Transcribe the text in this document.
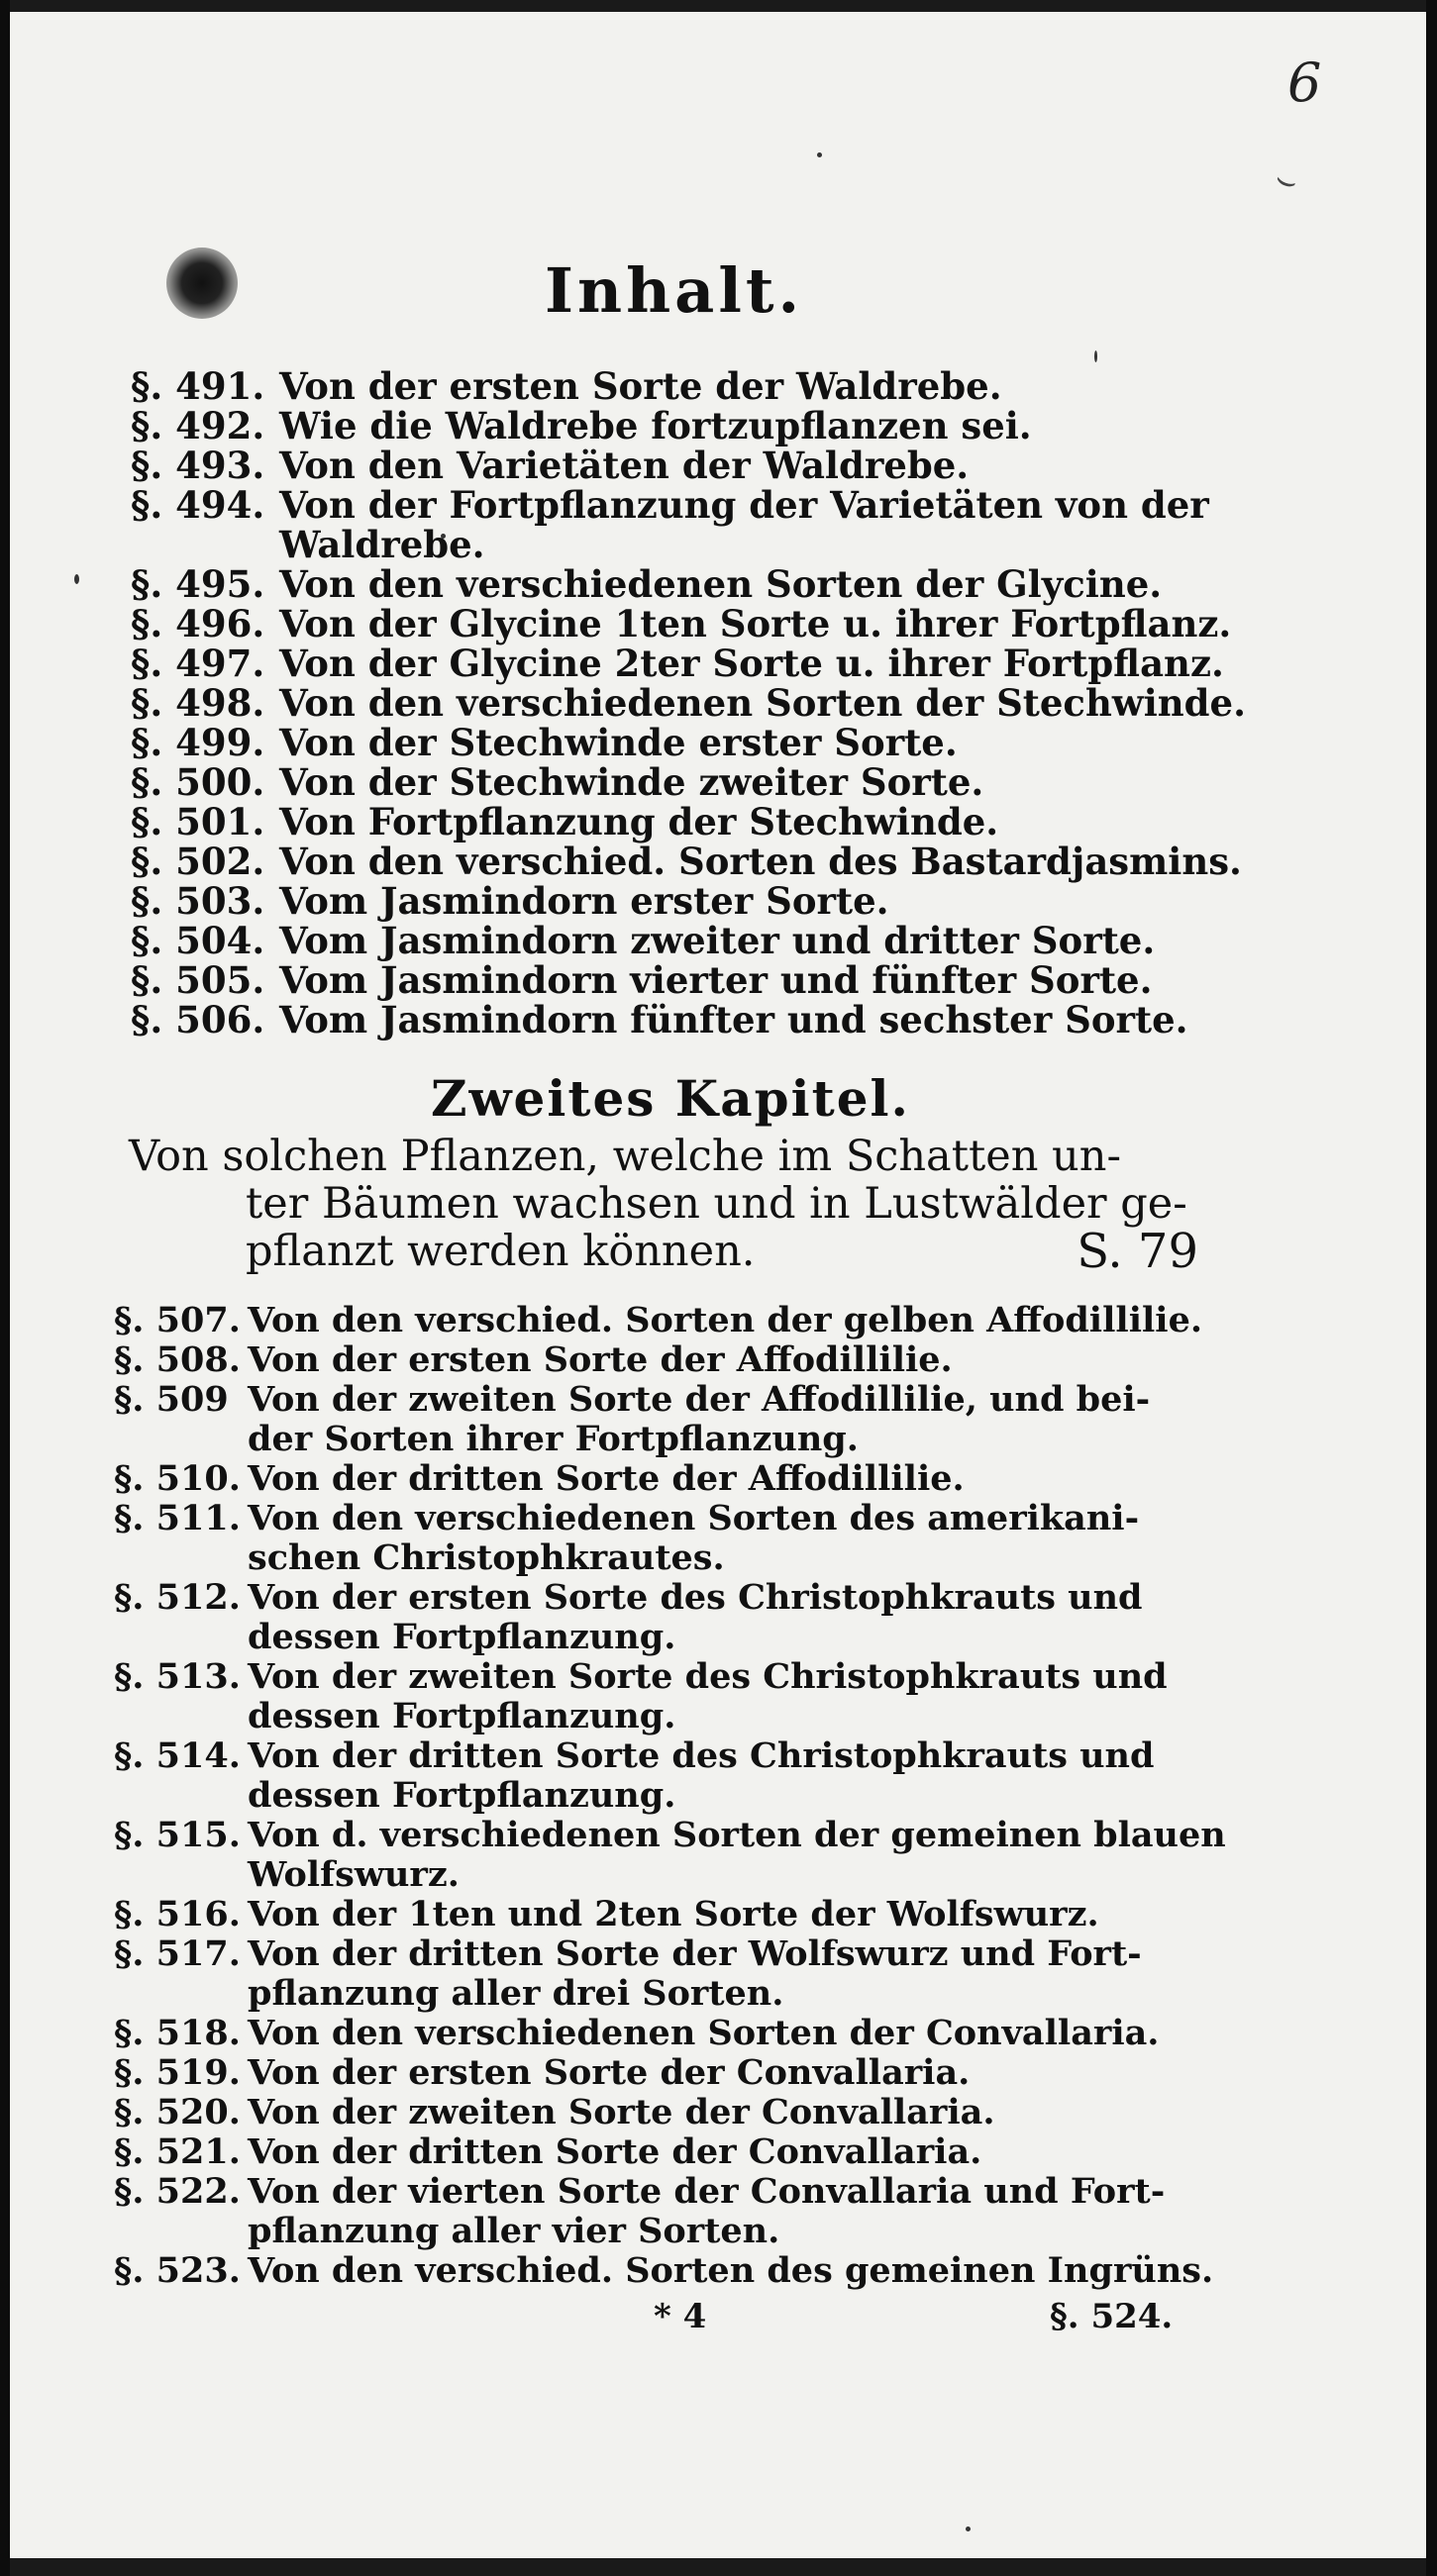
6
⌣
Inhalt.
§. 491. Von der ersten Sorte der Waldrebe.
§. 492. Wie die Waldrebe fortzupflanzen sei.
§. 493. Von den Varietäten der Waldrebe.
§. 494. Von der Fortpflanzung der Varietäten von der
Waldrebe.
§. 495. Von den verschiedenen Sorten der Glycine.
§. 496. Von der Glycine 1ten Sorte u. ihrer Fortpflanz.
§. 497. Von der Glycine 2ter Sorte u. ihrer Fortpflanz.
§. 498. Von den verschiedenen Sorten der Stechwinde.
§. 499. Von der Stechwinde erster Sorte.
§. 500. Von der Stechwinde zweiter Sorte.
§. 501. Von Fortpflanzung der Stechwinde.
§. 502. Von den verschied. Sorten des Bastardjasmins.
§. 503. Vom Jasmindorn erster Sorte.
§. 504. Vom Jasmindorn zweiter und dritter Sorte.
§. 505. Vom Jasmindorn vierter und fünfter Sorte.
§. 506. Vom Jasmindorn fünfter und sechster Sorte.
Zweites Kapitel.
Von solchen Pflanzen, welche im Schatten un-
ter Bäumen wachsen und in Lustwälder ge-
pflanzt werden können.	S. 79
§. 507. Von den verschied. Sorten der gelben Affodillilie.
§. 508. Von der ersten Sorte der Affodillilie.
§. 509 Von der zweiten Sorte der Affodillilie, und bei-
der Sorten ihrer Fortpflanzung.
§. 510. Von der dritten Sorte der Affodillilie.
§. 511. Von den verschiedenen Sorten des amerikani-
schen Christophkrautes.
§. 512. Von der ersten Sorte des Christophkrauts und
dessen Fortpflanzung.
§. 513. Von der zweiten Sorte des Christophkrauts und
dessen Fortpflanzung.
§. 514. Von der dritten Sorte des Christophkrauts und
dessen Fortpflanzung.
§. 515. Von d. verschiedenen Sorten der gemeinen blauen
Wolfswurz.
§. 516. Von der 1ten und 2ten Sorte der Wolfswurz.
§. 517. Von der dritten Sorte der Wolfswurz und Fort-
pflanzung aller drei Sorten.
§. 518. Von den verschiedenen Sorten der Convallaria.
§. 519. Von der ersten Sorte der Convallaria.
§. 520. Von der zweiten Sorte der Convallaria.
§. 521. Von der dritten Sorte der Convallaria.
§. 522. Von der vierten Sorte der Convallaria und Fort-
pflanzung aller vier Sorten.
§. 523. Von den verschied. Sorten des gemeinen Ingrüns.
* 4	§. 524.
